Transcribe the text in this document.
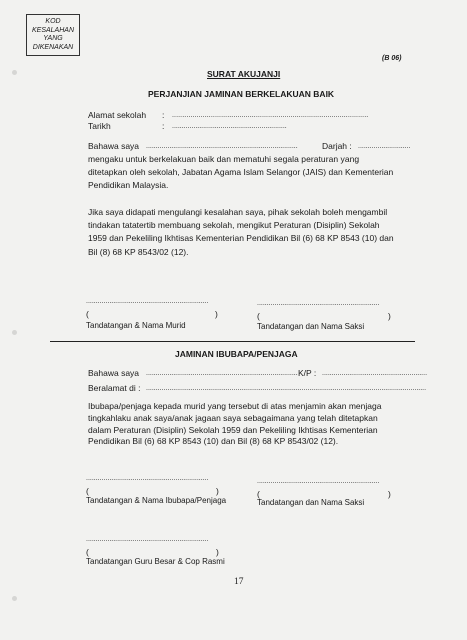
KOD
KESALAHAN
YANG
DIKENAKAN
(B 06)
SURAT AKUJANJI
PERJANJIAN JAMINAN BERKELAKUAN BAIK
Alamat sekolah : ................................................................................................
Tarikh	: ...........................................................
Bahawa saya ..............................................................................	Darjah : ...........................
mengaku untuk berkelakuan baik dan mematuhi segala peraturan yang
ditetapkan oleh sekolah, Jabatan Agama Islam Selangor (JAIS) dan Kementerian
Pendidikan Malaysia.
Jika saya didapati mengulangi kesalahan saya, pihak sekolah boleh mengambil
tindakan tatatertib membuang sekolah, mengikut Peraturan (Disiplin) Sekolah
1959 dan Pekeliling Ikhtisas Kementerian Pendidikan Bil (6) 68 KP 8543 (10) dan
Bil (8) 68 KP 8543/02 (12).
...............................................................
(	)
Tandatangan & Nama Murid
...............................................................
(	)
Tandatangan dan Nama Saksi
JAMINAN IBUBAPA/PENJAGA
Bahawa saya .............................................................................. K/P : ......................................................
Beralamat di : ................................................................................................................................................
Ibubapa/penjaga kepada murid yang tersebut di atas menjamin akan menjaga
tingkahlaku anak saya/anak jagaan saya sebagaimana yang telah ditetapkan
dalam Peraturan (Disiplin) Sekolah 1959 dan Pekeliling Ikhtisas Kementerian
Pendidikan Bil (6) 68 KP 8543 (10) dan Bil (8) 68 KP 8543/02 (12).
...............................................................
(	)
Tandatangan & Nama Ibubapa/Penjaga
...............................................................
(	)
Tandatangan dan Nama Saksi
...............................................................
(	)
Tandatangan Guru Besar & Cop Rasmi
17
